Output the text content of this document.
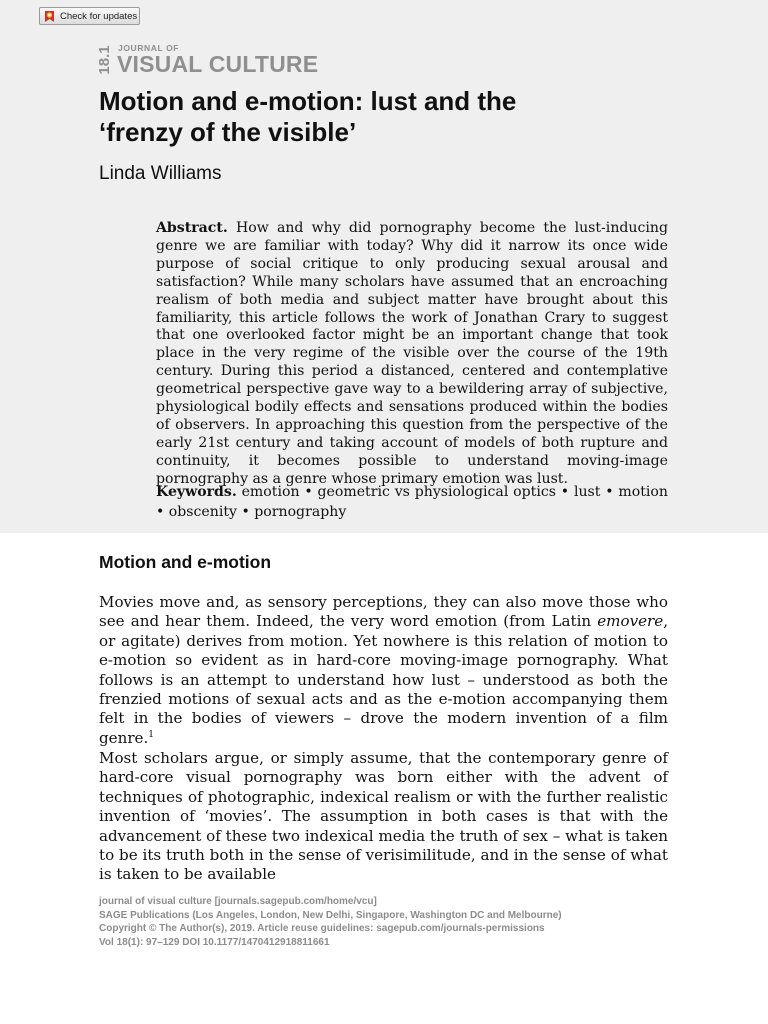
Check for updates
18.1 JOURNAL OF
VISUAL CULTURE
Motion and e-motion: lust and the ‘frenzy of the visible’
Linda Williams

Abstract. How and why did pornography become the lust-inducing genre we are familiar with today? Why did it narrow its once wide purpose of social critique to only producing sexual arousal and satisfaction? While many scholars have assumed that an encroaching realism of both media and subject matter have brought about this familiarity, this article follows the work of Jonathan Crary to suggest that one overlooked factor might be an important change that took place in the very regime of the visible over the course of the 19th century. During this period a distanced, centered and contemplative geometrical perspective gave way to a bewildering array of subjective, physiological bodily effects and sensations produced within the bodies of observers. In approaching this question from the perspective of the early 21st century and taking account of models of both rupture and continuity, it becomes possible to understand moving-image pornography as a genre whose primary emotion was lust.

Keywords. emotion • geometric vs physiological optics • lust • motion • obscenity • pornography

Motion and e-motion

Movies move and, as sensory perceptions, they can also move those who see and hear them. Indeed, the very word emotion (from Latin emovere, or agitate) derives from motion. Yet nowhere is this relation of motion to e-motion so evident as in hard-core moving-image pornography. What follows is an attempt to understand how lust – understood as both the frenzied motions of sexual acts and as the e-motion accompanying them felt in the bodies of viewers – drove the modern invention of a film genre.$^1$

Most scholars argue, or simply assume, that the contemporary genre of hard-core visual pornography was born either with the advent of techniques of photographic, indexical realism or with the further realistic invention of ‘movies’. The assumption in both cases is that with the advancement of these two indexical media the truth of sex – what is taken to be its truth both in the sense of verisimilitude, and in the sense of what is taken to be available

journal of visual culture [journals.sagepub.com/home/vcu]
SAGE Publications (Los Angeles, London, New Delhi, Singapore, Washington DC and Melbourne)
Copyright © The Author(s), 2019. Article reuse guidelines: sagepub.com/journals-permissions
Vol 18(1): 97–129 DOI 10.1177/1470412918811661
